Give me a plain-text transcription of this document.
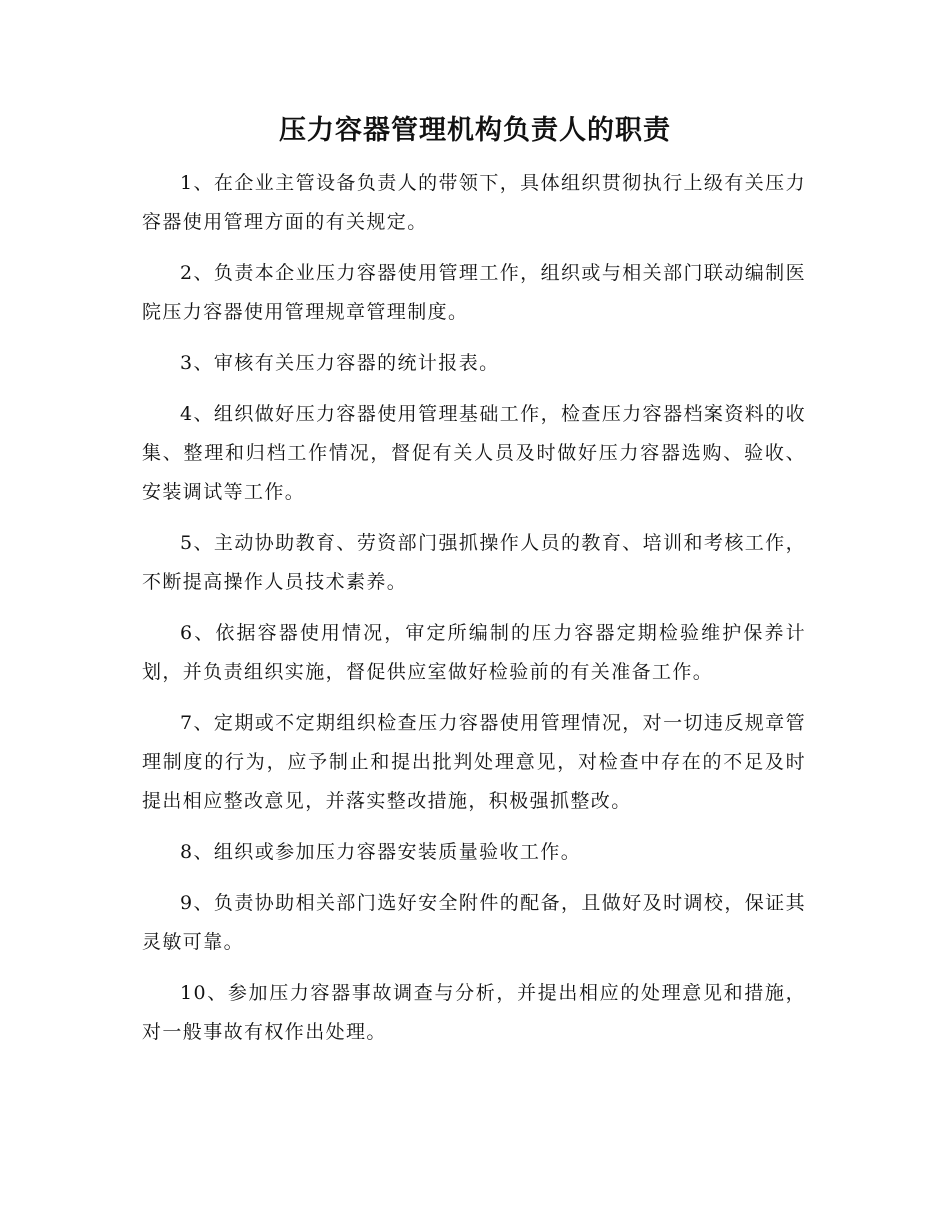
压力容器管理机构负责人的职责

1、在企业主管设备负责人的带领下，具体组织贯彻执行上级有关压力容器使用管理方面的有关规定。

2、负责本企业压力容器使用管理工作，组织或与相关部门联动编制医院压力容器使用管理规章管理制度。

3、审核有关压力容器的统计报表。

4、组织做好压力容器使用管理基础工作，检查压力容器档案资料的收集、整理和归档工作情况，督促有关人员及时做好压力容器选购、验收、安装调试等工作。

5、主动协助教育、劳资部门强抓操作人员的教育、培训和考核工作，不断提高操作人员技术素养。

6、依据容器使用情况，审定所编制的压力容器定期检验维护保养计划，并负责组织实施，督促供应室做好检验前的有关准备工作。

7、定期或不定期组织检查压力容器使用管理情况，对一切违反规章管理制度的行为，应予制止和提出批判处理意见，对检查中存在的不足及时提出相应整改意见，并落实整改措施，积极强抓整改。

8、组织或参加压力容器安装质量验收工作。

9、负责协助相关部门选好安全附件的配备，且做好及时调校，保证其灵敏可靠。

10、参加压力容器事故调查与分析，并提出相应的处理意见和措施，对一般事故有权作出处理。
